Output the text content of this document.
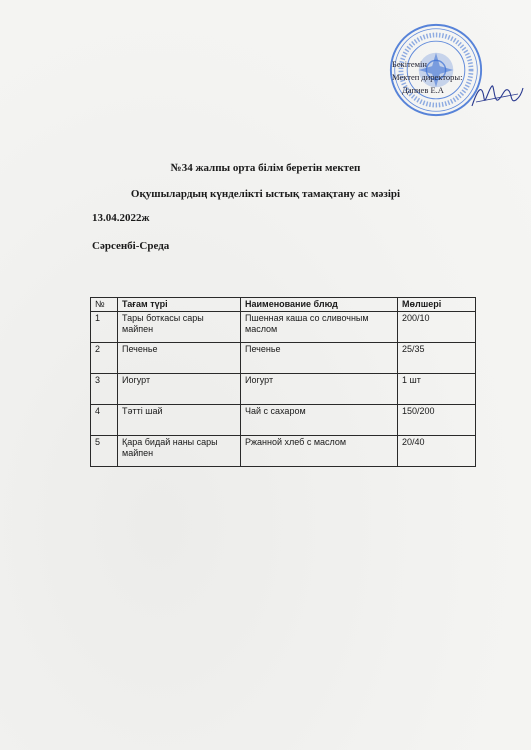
Бекітемін
Мектеп директоры:
Дапиев Е.А
№34 жалпы орта білім беретін мектеп
Оқушылардың күнделікті ыстық тамақтану ас мәзірі
13.04.2022ж
Сәрсенбі-Среда
№	Тағам түрі	Наименование блюд	Мөлшері
1	Тары боткасы сары майпен	Пшенная каша со сливочным маслом	200/10
2	Печенье	Печенье	25/35
3	Иогурт	Иогурт	1 шт
4	Тәтті шай	Чай с сахаром	150/200
5	Қара бидай наны сары майпен	Ржанной хлеб с маслом	20/40
